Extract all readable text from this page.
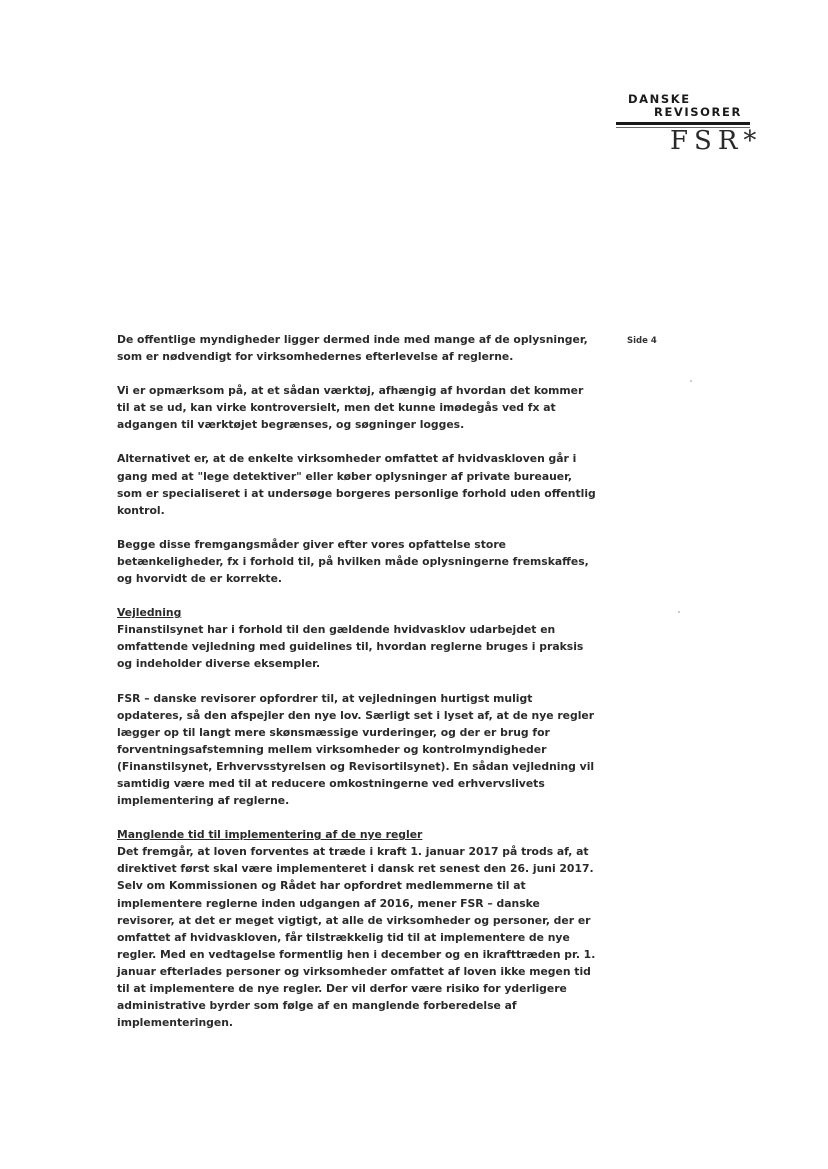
DANSKE
REVISORER
FSR*
Side 4

De offentlige myndigheder ligger dermed inde med mange af de oplysninger, som er nødvendigt for virksomhedernes efterlevelse af reglerne.

Vi er opmærksom på, at et sådan værktøj, afhængig af hvordan det kommer til at se ud, kan virke kontroversielt, men det kunne imødegås ved fx at adgangen til værktøjet begrænses, og søgninger logges.

Alternativet er, at de enkelte virksomheder omfattet af hvidvaskloven går i gang med at "lege detektiver" eller køber oplysninger af private bureauer, som er specialiseret i at undersøge borgeres personlige forhold uden offentlig kontrol.

Begge disse fremgangsmåder giver efter vores opfattelse store betænkeligheder, fx i forhold til, på hvilken måde oplysningerne fremskaffes, og hvorvidt de er korrekte.

Vejledning

Finanstilsynet har i forhold til den gældende hvidvasklov udarbejdet en omfattende vejledning med guidelines til, hvordan reglerne bruges i praksis og indeholder diverse eksempler.

FSR – danske revisorer opfordrer til, at vejledningen hurtigst muligt opdateres, så den afspejler den nye lov. Særligt set i lyset af, at de nye regler lægger op til langt mere skønsmæssige vurderinger, og der er brug for forventningsafstemning mellem virksomheder og kontrolmyndigheder (Finanstilsynet, Erhvervsstyrelsen og Revisortilsynet). En sådan vejledning vil samtidig være med til at reducere omkostningerne ved erhvervslivets implementering af reglerne.

Manglende tid til implementering af de nye regler

Det fremgår, at loven forventes at træde i kraft 1. januar 2017 på trods af, at direktivet først skal være implementeret i dansk ret senest den 26. juni 2017. Selv om Kommissionen og Rådet har opfordret medlemmerne til at implementere reglerne inden udgangen af 2016, mener FSR – danske revisorer, at det er meget vigtigt, at alle de virksomheder og personer, der er omfattet af hvidvaskloven, får tilstrækkelig tid til at implementere de nye regler. Med en vedtagelse formentlig hen i december og en ikrafttræden pr. 1. januar efterlades personer og virksomheder omfattet af loven ikke megen tid til at implementere de nye regler. Der vil derfor være risiko for yderligere administrative byrder som følge af en manglende forberedelse af implementeringen.
